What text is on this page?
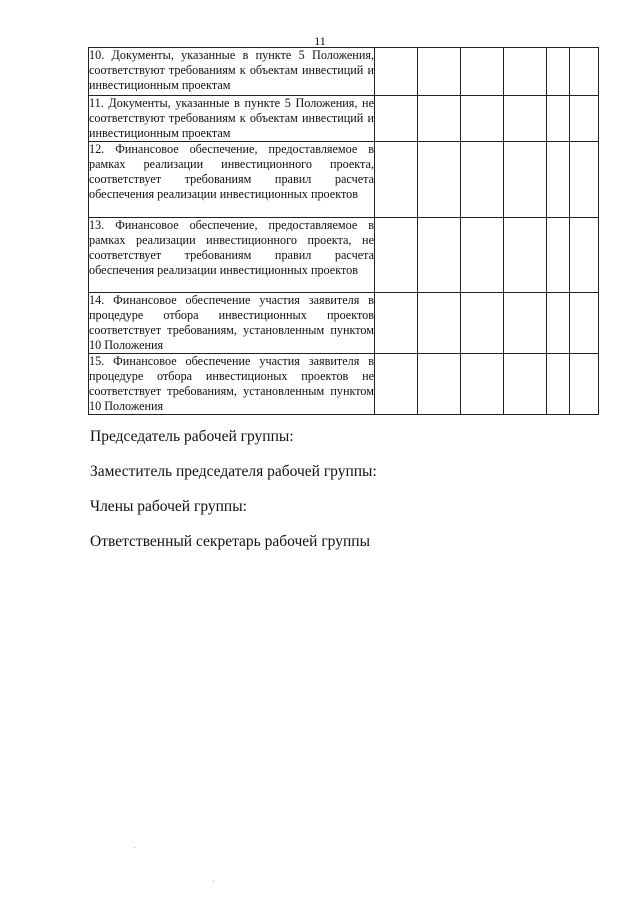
11
10. Документы, указанные в пункте 5 Положения, соответствуют требованиям к объектам инвестиций и инвестиционным проектам						
11. Документы, указанные в пункте 5 Положения, не соответствуют требованиям к объектам инвестиций и инвестиционным проектам						
12. Финансовое обеспечение, предоставляемое в рамках реализации инвестиционного проекта, соответствует требованиям правил расчета обеспечения реализации инвестиционных проектов						
13. Финансовое обеспечение, предоставляемое в рамках реализации инвестиционного проекта, не соответствует требованиям правил расчета обеспечения реализации инвестиционных проектов						
14. Финансовое обеспечение участия заявителя в процедуре отбора инвестиционных проектов соответствует требованиям, установленным пунктом 10 Положения						
15. Финансовое обеспечение участия заявителя в процедуре отбора инвестиционых проектов не соответствует требованиям, установленным пунктом 10 Положения						
Председатель рабочей группы:
Заместитель председателя рабочей группы:
Члены рабочей группы:
Ответственный секретарь рабочей группы
